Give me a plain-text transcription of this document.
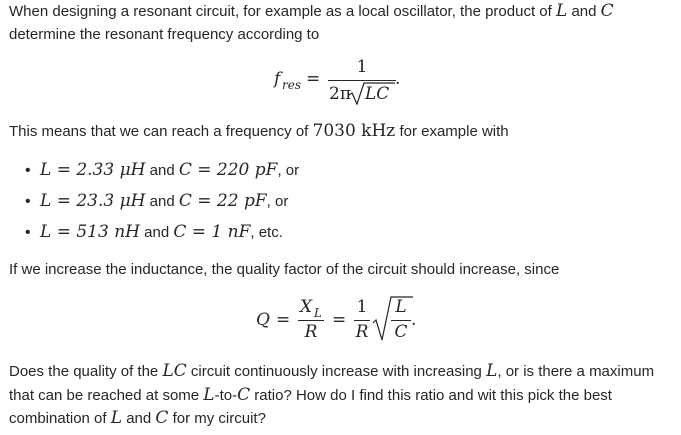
When designing a resonant circuit, for example as a local oscillator, the product of L and C
determine the resonant frequency according to
f res =
1
2π LC
.
This means that we can reach a frequency of 7030 kHz for example with
• L = 2.33 μH and C = 220 pF, or
• L = 23.3 μH and C = 22 pF, or
• L = 513 nH and C = 1 nF, etc.
If we increase the inductance, the quality factor of the circuit should increase, since
Q =
X L
R
=
1
R
L
C
.
Does the quality of the LC circuit continuously increase with increasing L, or is there a maximum that can be reached at some L-to-C ratio? How do I find this ratio and wit this pick the best combination of L and C for my circuit?
